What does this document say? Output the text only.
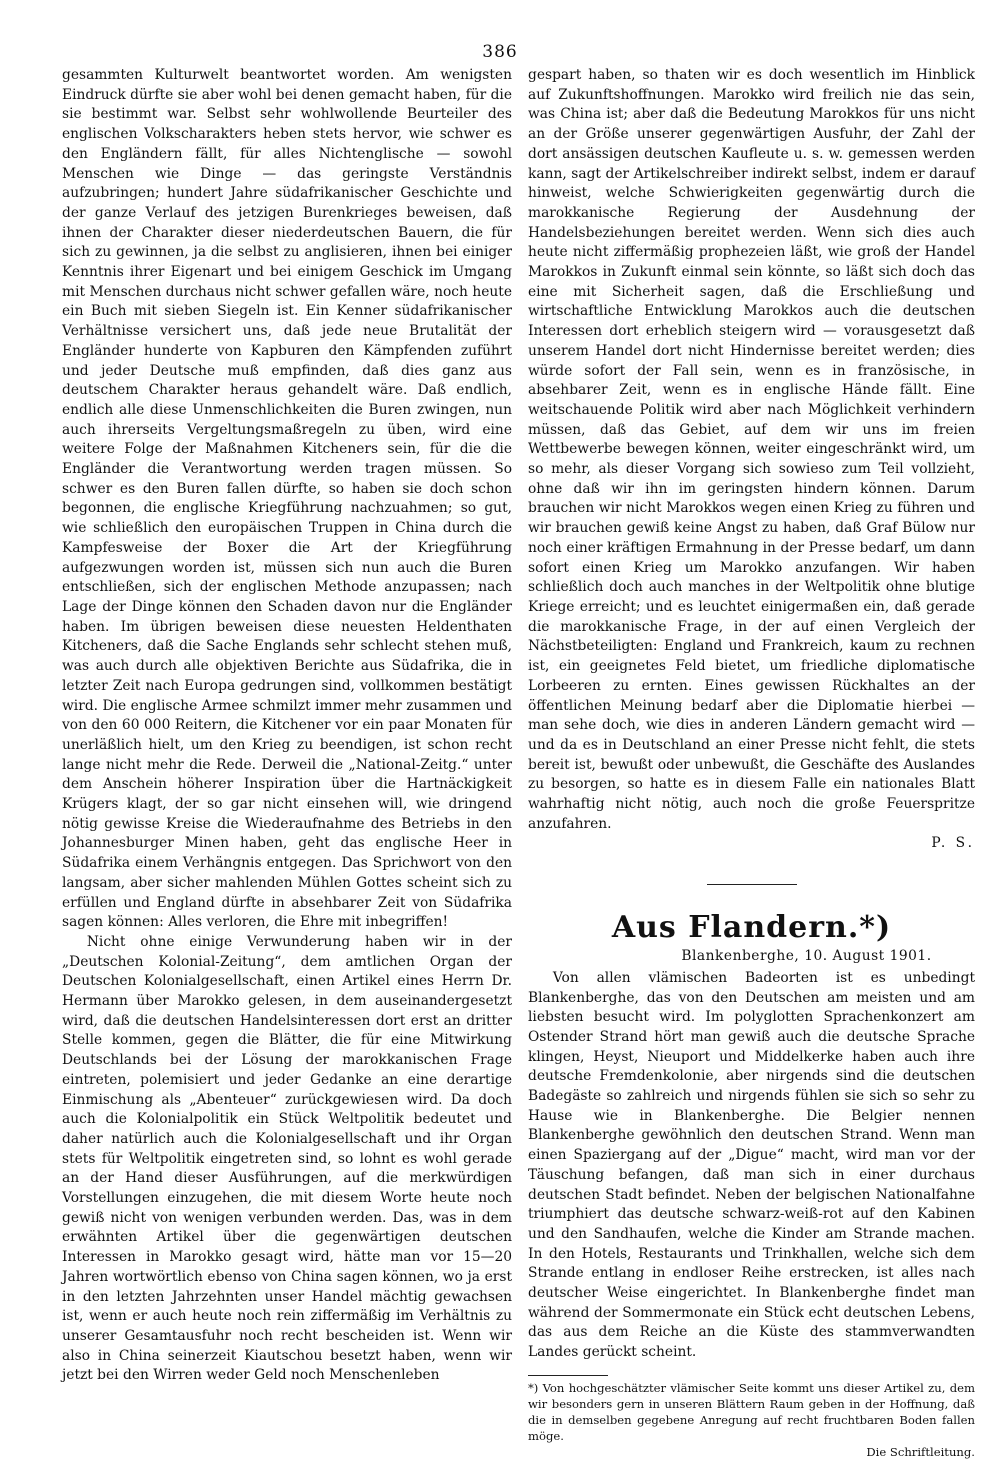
386

gesammten Kulturwelt beantwortet worden. Am wenigsten Eindruck dürfte sie aber wohl bei denen gemacht haben, für die sie bestimmt war. Selbst sehr wohlwollende Beurteiler des englischen Volkscharakters heben stets hervor, wie schwer es den Engländern fällt, für alles Nichtenglische — sowohl Menschen wie Dinge — das geringste Verständnis aufzubringen; hundert Jahre südafrikanischer Geschichte und der ganze Verlauf des jetzigen Burenkrieges beweisen, daß ihnen der Charakter dieser niederdeutschen Bauern, die für sich zu gewinnen, ja die selbst zu anglisieren, ihnen bei einiger Kenntnis ihrer Eigenart und bei einigem Geschick im Umgang mit Menschen durchaus nicht schwer gefallen wäre, noch heute ein Buch mit sieben Siegeln ist. Ein Kenner südafrikanischer Verhältnisse versichert uns, daß jede neue Brutalität der Engländer hunderte von Kapburen den Kämpfenden zuführt und jeder Deutsche muß empfinden, daß dies ganz aus deutschem Charakter heraus gehandelt wäre. Daß endlich, endlich alle diese Unmenschlichkeiten die Buren zwingen, nun auch ihrerseits Vergeltungsmaßregeln zu üben, wird eine weitere Folge der Maßnahmen Kitcheners sein, für die die Engländer die Verantwortung werden tragen müssen. So schwer es den Buren fallen dürfte, so haben sie doch schon begonnen, die englische Kriegführung nachzuahmen; so gut, wie schließlich den europäischen Truppen in China durch die Kampfesweise der Boxer die Art der Kriegführung aufgezwungen worden ist, müssen sich nun auch die Buren entschließen, sich der englischen Methode anzupassen; nach Lage der Dinge können den Schaden davon nur die Engländer haben. Im übrigen beweisen diese neuesten Heldenthaten Kitcheners, daß die Sache Englands sehr schlecht stehen muß, was auch durch alle objektiven Berichte aus Südafrika, die in letzter Zeit nach Europa gedrungen sind, vollkommen bestätigt wird. Die englische Armee schmilzt immer mehr zusammen und von den 60 000 Reitern, die Kitchener vor ein paar Monaten für unerläßlich hielt, um den Krieg zu beendigen, ist schon recht lange nicht mehr die Rede. Derweil die „National-Zeitg.“ unter dem Anschein höherer Inspiration über die Hartnäckigkeit Krügers klagt, der so gar nicht einsehen will, wie dringend nötig gewisse Kreise die Wiederaufnahme des Betriebs in den Johannesburger Minen haben, geht das englische Heer in Südafrika einem Verhängnis entgegen. Das Sprichwort von den langsam, aber sicher mahlenden Mühlen Gottes scheint sich zu erfüllen und England dürfte in absehbarer Zeit von Südafrika sagen können: Alles verloren, die Ehre mit inbegriffen!

Nicht ohne einige Verwunderung haben wir in der „Deutschen Kolonial-Zeitung“, dem amtlichen Organ der Deutschen Kolonialgesellschaft, einen Artikel eines Herrn Dr. Hermann über Marokko gelesen, in dem auseinandergesetzt wird, daß die deutschen Handelsinteressen dort erst an dritter Stelle kommen, gegen die Blätter, die für eine Mitwirkung Deutschlands bei der Lösung der marokkanischen Frage eintreten, polemisiert und jeder Gedanke an eine derartige Einmischung als „Abenteuer“ zurückgewiesen wird. Da doch auch die Kolonialpolitik ein Stück Weltpolitik bedeutet und daher natürlich auch die Kolonialgesellschaft und ihr Organ stets für Weltpolitik eingetreten sind, so lohnt es wohl gerade an der Hand dieser Ausführungen, auf die merkwürdigen Vorstellungen einzugehen, die mit diesem Worte heute noch gewiß nicht von wenigen verbunden werden. Das, was in dem erwähnten Artikel über die gegenwärtigen deutschen Interessen in Marokko gesagt wird, hätte man vor 15—20 Jahren wortwörtlich ebenso von China sagen können, wo ja erst in den letzten Jahrzehnten unser Handel mächtig gewachsen ist, wenn er auch heute noch rein ziffermäßig im Verhältnis zu unserer Gesamtausfuhr noch recht bescheiden ist. Wenn wir also in China seinerzeit Kiautschou besetzt haben, wenn wir jetzt bei den Wirren weder Geld noch Menschenleben

gespart haben, so thaten wir es doch wesentlich im Hinblick auf Zukunftshoffnungen. Marokko wird freilich nie das sein, was China ist; aber daß die Bedeutung Marokkos für uns nicht an der Größe unserer gegenwärtigen Ausfuhr, der Zahl der dort ansässigen deutschen Kaufleute u. s. w. gemessen werden kann, sagt der Artikelschreiber indirekt selbst, indem er darauf hinweist, welche Schwierigkeiten gegenwärtig durch die marokkanische Regierung der Ausdehnung der Handelsbeziehungen bereitet werden. Wenn sich dies auch heute nicht ziffermäßig prophezeien läßt, wie groß der Handel Marokkos in Zukunft einmal sein könnte, so läßt sich doch das eine mit Sicherheit sagen, daß die Erschließung und wirtschaftliche Entwicklung Marokkos auch die deutschen Interessen dort erheblich steigern wird — vorausgesetzt daß unserem Handel dort nicht Hindernisse bereitet werden; dies würde sofort der Fall sein, wenn es in französische, in absehbarer Zeit, wenn es in englische Hände fällt. Eine weitschauende Politik wird aber nach Möglichkeit verhindern müssen, daß das Gebiet, auf dem wir uns im freien Wettbewerbe bewegen können, weiter eingeschränkt wird, um so mehr, als dieser Vorgang sich sowieso zum Teil vollzieht, ohne daß wir ihn im geringsten hindern können. Darum brauchen wir nicht Marokkos wegen einen Krieg zu führen und wir brauchen gewiß keine Angst zu haben, daß Graf Bülow nur noch einer kräftigen Ermahnung in der Presse bedarf, um dann sofort einen Krieg um Marokko anzufangen. Wir haben schließlich doch auch manches in der Weltpolitik ohne blutige Kriege erreicht; und es leuchtet einigermaßen ein, daß gerade die marokkanische Frage, in der auf einen Vergleich der Nächstbeteiligten: England und Frankreich, kaum zu rechnen ist, ein geeignetes Feld bietet, um friedliche diplomatische Lorbeeren zu ernten. Eines gewissen Rückhaltes an der öffentlichen Meinung bedarf aber die Diplomatie hierbei — man sehe doch, wie dies in anderen Ländern gemacht wird — und da es in Deutschland an einer Presse nicht fehlt, die stets bereit ist, bewußt oder unbewußt, die Geschäfte des Auslandes zu besorgen, so hatte es in diesem Falle ein nationales Blatt wahrhaftig nicht nötig, auch noch die große Feuerspritze anzufahren.

P. S.
Aus Flandern.*)
Blankenberghe, 10. August 1901.

Von allen vlämischen Badeorten ist es unbedingt Blankenberghe, das von den Deutschen am meisten und am liebsten besucht wird. Im polyglotten Sprachenkonzert am Ostender Strand hört man gewiß auch die deutsche Sprache klingen, Heyst, Nieuport und Middelkerke haben auch ihre deutsche Fremdenkolonie, aber nirgends sind die deutschen Badegäste so zahlreich und nirgends fühlen sie sich so sehr zu Hause wie in Blankenberghe. Die Belgier nennen Blankenberghe gewöhnlich den deutschen Strand. Wenn man einen Spaziergang auf der „Digue“ macht, wird man vor der Täuschung befangen, daß man sich in einer durchaus deutschen Stadt befindet. Neben der belgischen Nationalfahne triumphiert das deutsche schwarz-weiß-rot auf den Kabinen und den Sandhaufen, welche die Kinder am Strande machen. In den Hotels, Restaurants und Trinkhallen, welche sich dem Strande entlang in endloser Reihe erstrecken, ist alles nach deutscher Weise eingerichtet. In Blankenberghe findet man während der Sommermonate ein Stück echt deutschen Lebens, das aus dem Reiche an die Küste des stammverwandten Landes gerückt scheint.

*) Von hochgeschätzter vlämischer Seite kommt uns dieser Artikel zu, dem wir besonders gern in unseren Blättern Raum geben in der Hoffnung, daß die in demselben gegebene Anregung auf recht fruchtbaren Boden fallen möge.
Die Schriftleitung.
